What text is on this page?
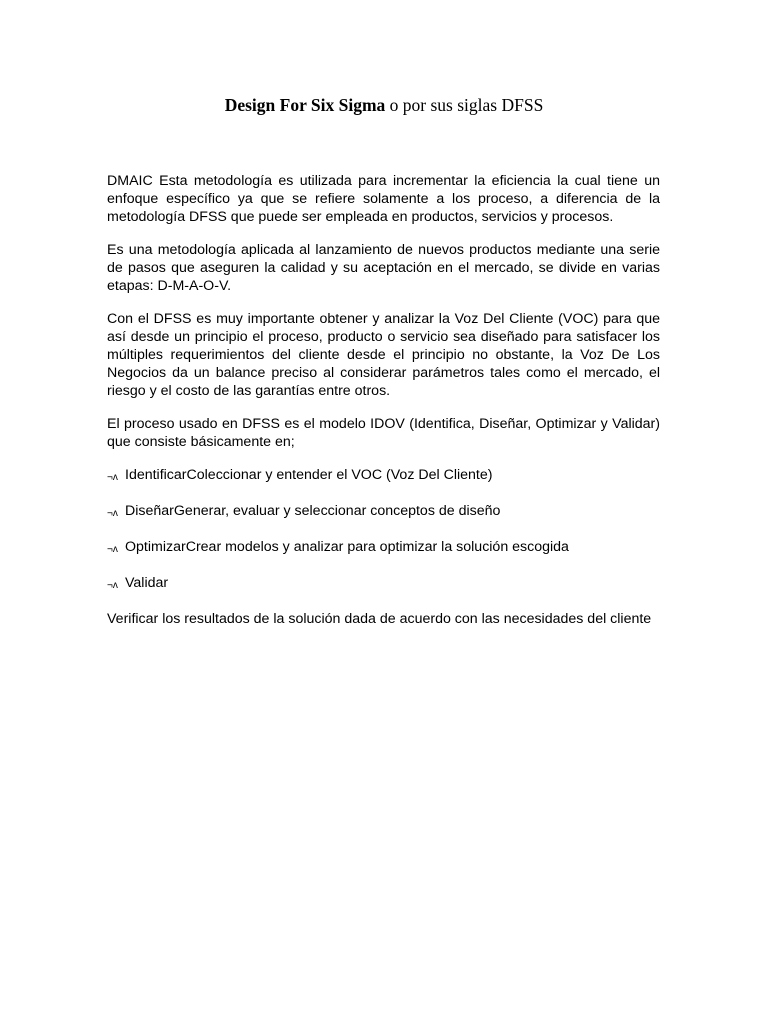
Design For Six Sigma o por sus siglas DFSS

DMAIC Esta metodología es utilizada para incrementar la eficiencia la cual tiene un enfoque específico ya que se refiere solamente a los proceso, a diferencia de la metodología DFSS que puede ser empleada en productos, servicios y procesos.

Es una metodología aplicada al lanzamiento de nuevos productos mediante una serie de pasos que aseguren la calidad y su aceptación en el mercado, se divide en varias etapas: D-M-A-O-V.

Con el DFSS es muy importante obtener y analizar la Voz Del Cliente (VOC) para que así desde un principio el proceso, producto o servicio sea diseñado para satisfacer los múltiples requerimientos del cliente desde el principio no obstante, la Voz De Los Negocios da un balance preciso al considerar parámetros tales como el mercado, el riesgo y el costo de las garantías entre otros.

El proceso usado en DFSS es el modelo IDOV (Identifica, Diseñar, Optimizar y Validar) que consiste básicamente en;

¬ʌ IdentificarColeccionar y entender el VOC (Voz Del Cliente)
¬ʌ DiseñarGenerar, evaluar y seleccionar conceptos de diseño
¬ʌ OptimizarCrear modelos y analizar para optimizar la solución escogida
¬ʌ Validar

Verificar los resultados de la solución dada de acuerdo con las necesidades del cliente
